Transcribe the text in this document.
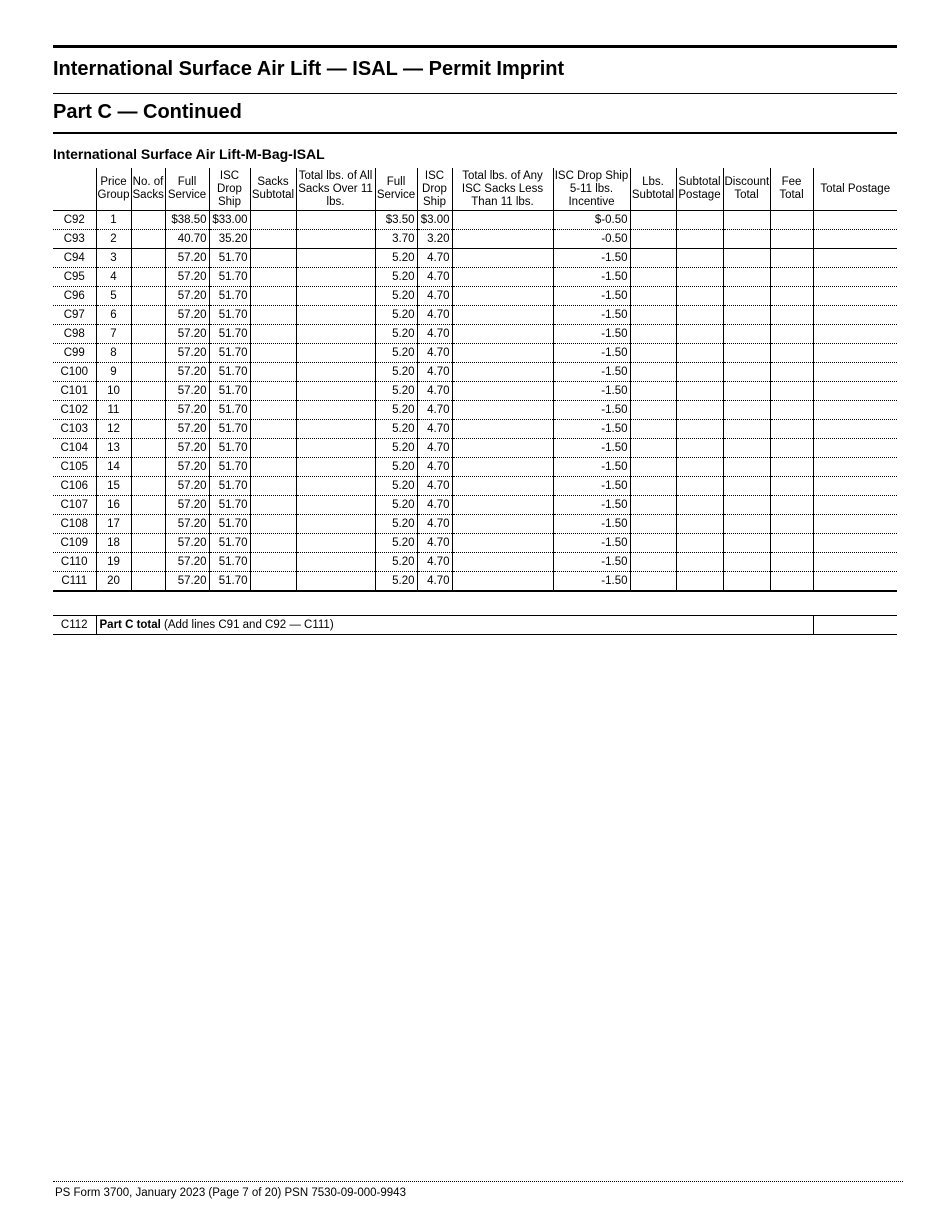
International Surface Air Lift — ISAL — Permit Imprint
Part C — Continued
International Surface Air Lift-M-Bag-ISAL
	Price Group	No. of Sacks	Full Service	ISC Drop Ship	Sacks Subtotal	Total lbs. of All Sacks Over 11 lbs.	Full Service	ISC Drop Ship	Total lbs. of Any ISC Sacks Less Than 11 lbs.	ISC Drop Ship 5-11 lbs. Incentive	Lbs. Subtotal	Subtotal Postage	Discount Total	Fee Total	Total Postage
C92	1		$38.50	$33.00			$3.50	$3.00		$-0.50					
C93	2		40.70	35.20			3.70	3.20		-0.50					
C94	3		57.20	51.70			5.20	4.70		-1.50					
C95	4		57.20	51.70			5.20	4.70		-1.50					
C96	5		57.20	51.70			5.20	4.70		-1.50					
C97	6		57.20	51.70			5.20	4.70		-1.50					
C98	7		57.20	51.70			5.20	4.70		-1.50					
C99	8		57.20	51.70			5.20	4.70		-1.50					
C100	9		57.20	51.70			5.20	4.70		-1.50					
C101	10		57.20	51.70			5.20	4.70		-1.50					
C102	11		57.20	51.70			5.20	4.70		-1.50					
C103	12		57.20	51.70			5.20	4.70		-1.50					
C104	13		57.20	51.70			5.20	4.70		-1.50					
C105	14		57.20	51.70			5.20	4.70		-1.50					
C106	15		57.20	51.70			5.20	4.70		-1.50					
C107	16		57.20	51.70			5.20	4.70		-1.50					
C108	17		57.20	51.70			5.20	4.70		-1.50					
C109	18		57.20	51.70			5.20	4.70		-1.50					
C110	19		57.20	51.70			5.20	4.70		-1.50					
C111	20		57.20	51.70			5.20	4.70		-1.50					
C112	Part C total (Add lines C91 and C92 — C111)	
PS Form 3700, January 2023 (Page 7 of 20) PSN 7530-09-000-9943
